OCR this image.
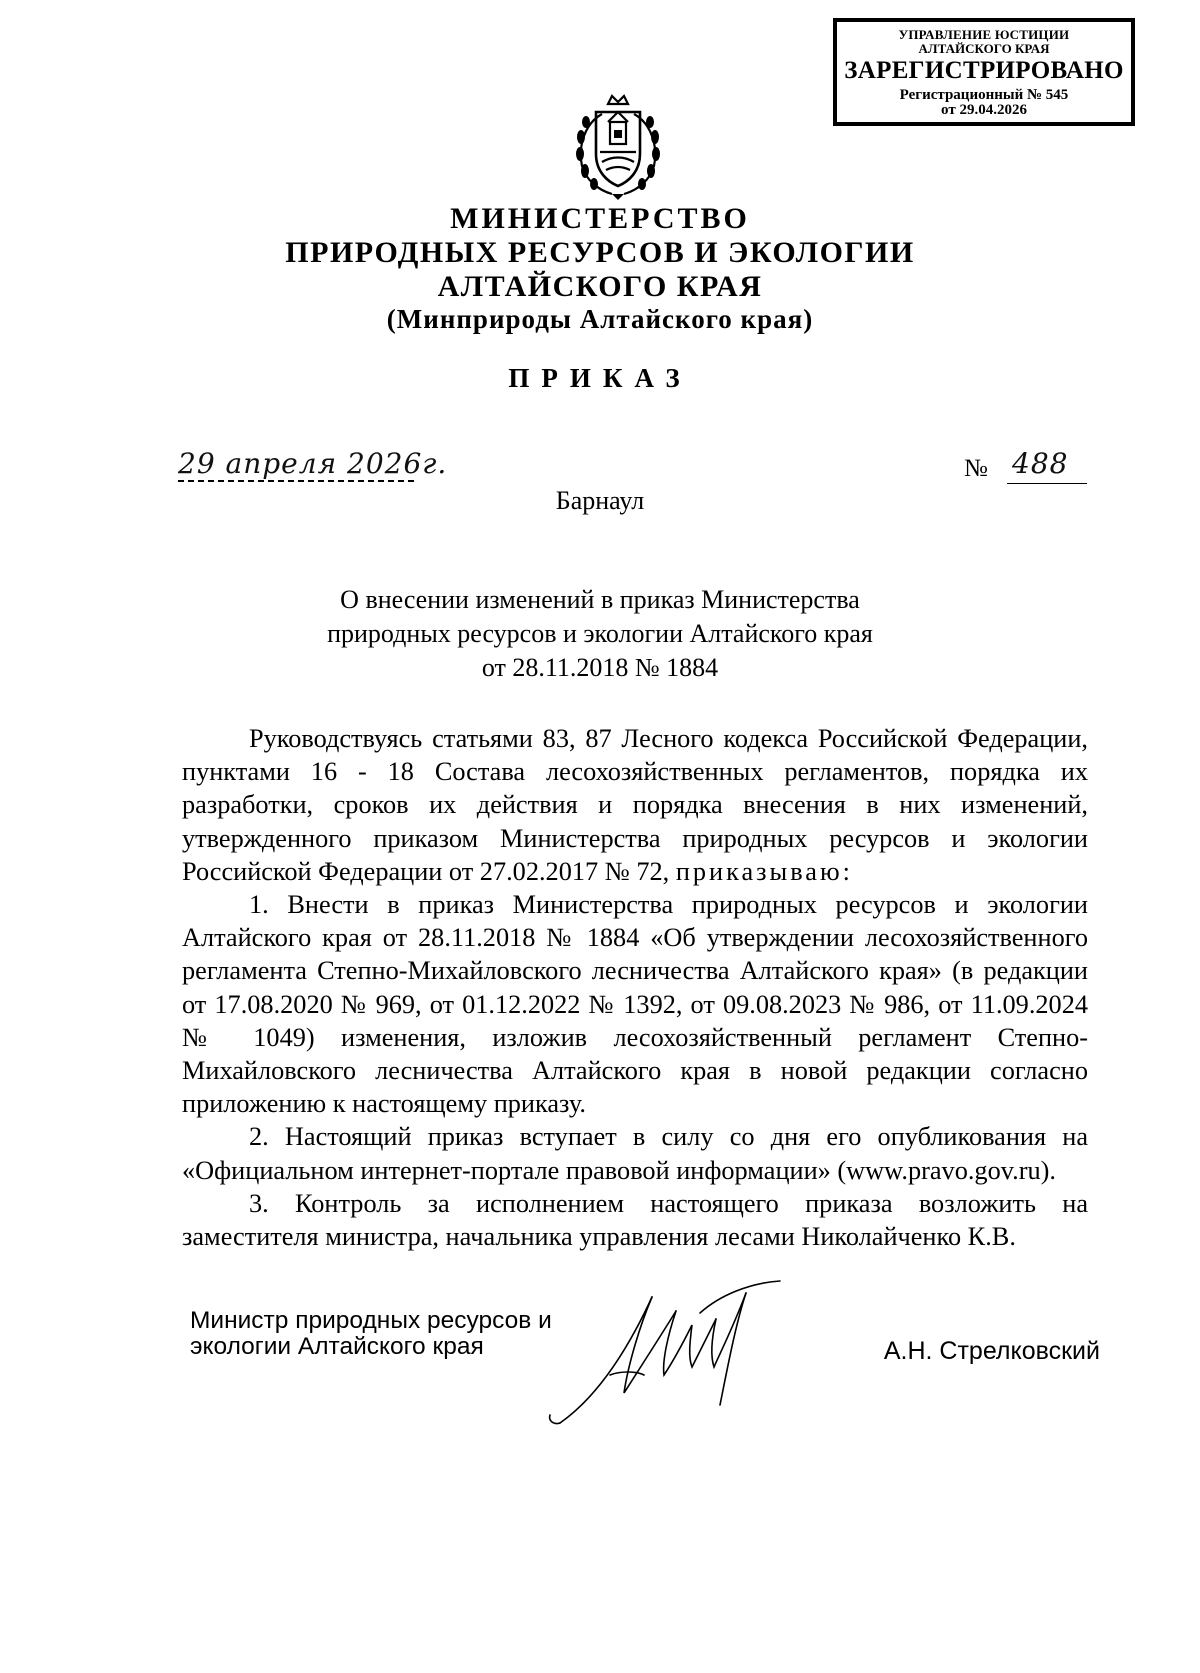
УПРАВЛЕНИЕ ЮСТИЦИИ
АЛТАЙСКОГО КРАЯ
ЗАРЕГИСТРИРОВАНО
Регистрационный № 545
от 29.04.2026
МИНИСТЕРСТВО
ПРИРОДНЫХ РЕСУРСОВ И ЭКОЛОГИИ
АЛТАЙСКОГО КРАЯ
(Минприроды Алтайского края)
ПРИКАЗ
29 апреля 2026г.	№ 488
Барнаул
О внесении изменений в приказ Министерства
природных ресурсов и экологии Алтайского края
от 28.11.2018 № 1884

Руководствуясь статьями 83, 87 Лесного кодекса Российской Федерации, пунктами 16 - 18 Состава лесохозяйственных регламентов, порядка их разработки, сроков их действия и порядка внесения в них изменений, утвержденного приказом Министерства природных ресурсов и экологии Российской Федерации от 27.02.2017 № 72, приказываю:

1. Внести в приказ Министерства природных ресурсов и экологии Алтайского края от 28.11.2018 № 1884 «Об утверждении лесохозяйственного регламента Степно-Михайловского лесничества Алтайского края» (в редакции от 17.08.2020 № 969, от 01.12.2022 № 1392, от 09.08.2023 № 986, от 11.09.2024 № 1049) изменения, изложив лесохозяйственный регламент Степно-Михайловского лесничества Алтайского края в новой редакции согласно приложению к настоящему приказу.

2. Настоящий приказ вступает в силу со дня его опубликования на «Официальном интернет-портале правовой информации» (www.pravo.gov.ru).

3. Контроль за исполнением настоящего приказа возложить на заместителя министра, начальника управления лесами Николайченко К.В.

Министр природных ресурсов и
экологии Алтайского края	А.Н. Стрелковский
